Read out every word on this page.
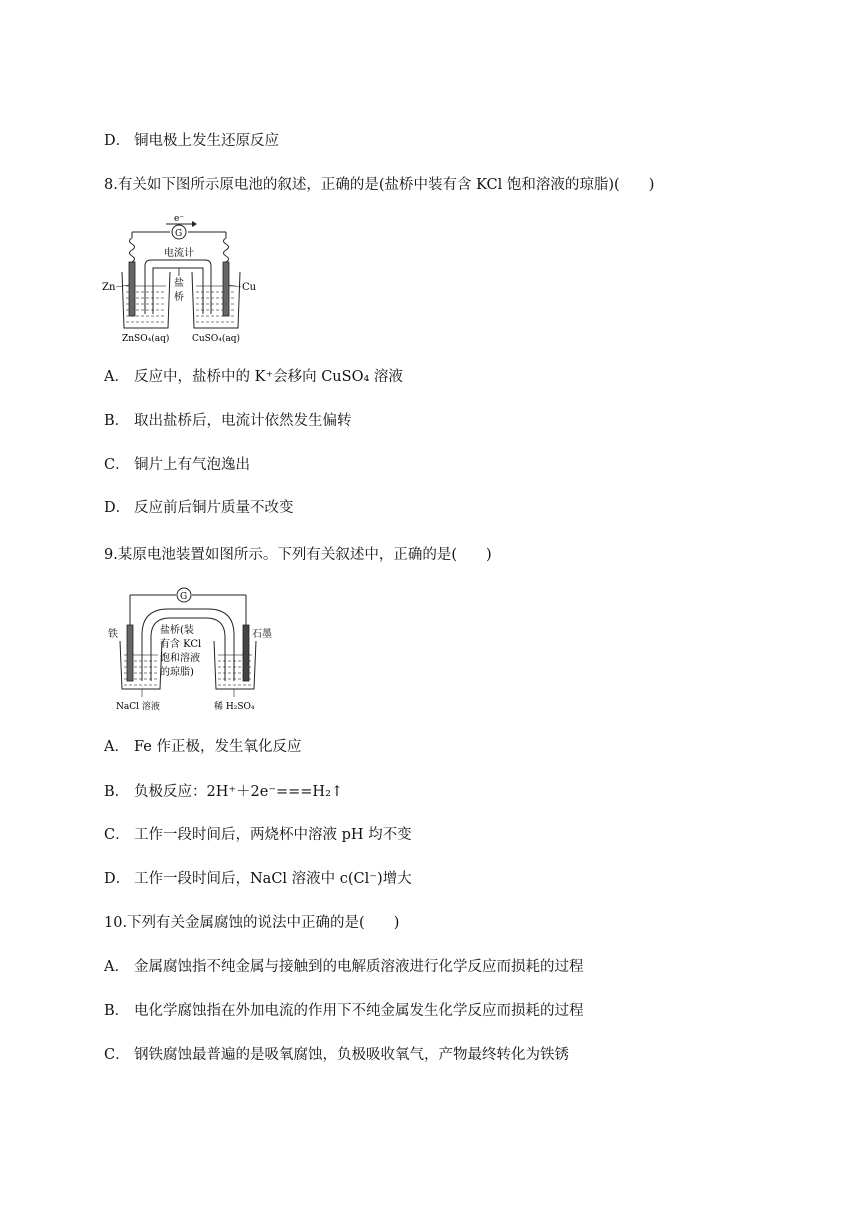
D． 铜电极上发生还原反应
8.有关如下图所示原电池的叙述，正确的是(盐桥中装有含 KCl 饱和溶液的琼脂)(　　)
e⁻
G
电流计
盐
桥
Zn	Cu
ZnSO₄(aq)	CuSO₄(aq)
A． 反应中，盐桥中的 K⁺会移向 CuSO₄ 溶液
B． 取出盐桥后，电流计依然发生偏转
C． 铜片上有气泡逸出
D． 反应前后铜片质量不改变
9.某原电池装置如图所示。下列有关叙述中，正确的是(　　)
G
盐桥(装
有含 KCl
饱和溶液
的琼脂)
铁	石墨
NaCl 溶液	稀 H₂SO₄
A． Fe 作正极，发生氧化反应
B． 负极反应：2H⁺＋2e⁻===H₂↑
C． 工作一段时间后，两烧杯中溶液 pH 均不变
D． 工作一段时间后，NaCl 溶液中 c(Cl⁻)增大
10.下列有关金属腐蚀的说法中正确的是(　　)
A． 金属腐蚀指不纯金属与接触到的电解质溶液进行化学反应而损耗的过程
B． 电化学腐蚀指在外加电流的作用下不纯金属发生化学反应而损耗的过程
C． 钢铁腐蚀最普遍的是吸氧腐蚀，负极吸收氧气，产物最终转化为铁锈
